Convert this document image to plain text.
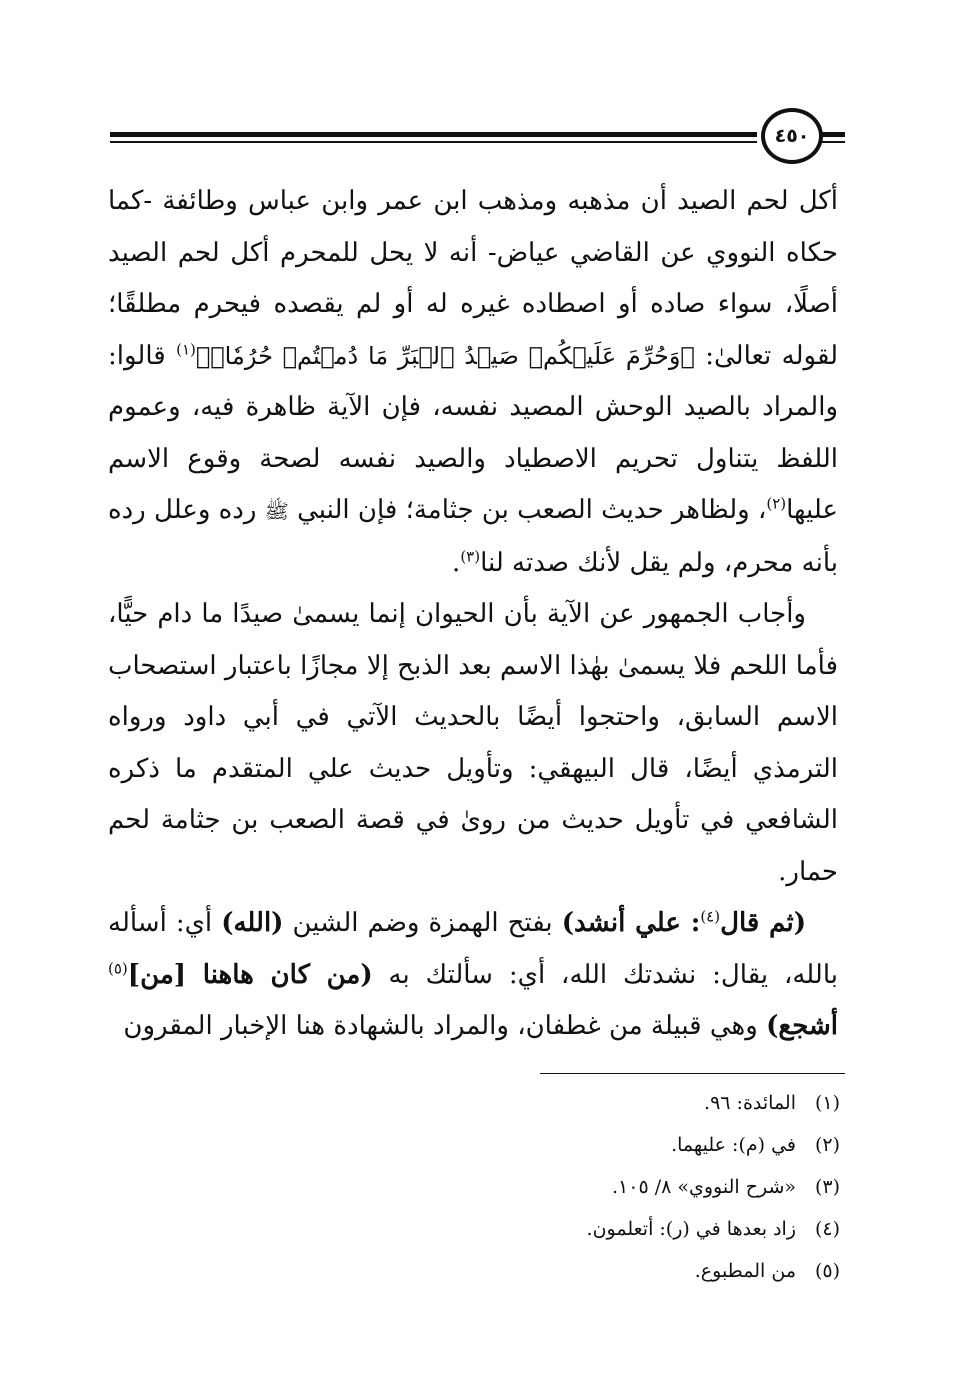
٤٥٠

أكل لحم الصيد أن مذهبه ومذهب ابن عمر وابن عباس وطائفة -كما حكاه النووي عن القاضي عياض- أنه لا يحل للمحرم أكل لحم الصيد أصلًا، سواء صاده أو اصطاده غيره له أو لم يقصده فيحرم مطلقًا؛ لقوله تعالىٰ: ﴿وَحُرِّمَ عَلَيۡكُمۡ صَيۡدُ ٱلۡبَرِّ مَا دُمۡتُمۡ حُرُمٗاۗ﴾$^{(١)}$ قالوا: والمراد بالصيد الوحش المصيد نفسه، فإن الآية ظاهرة فيه، وعموم اللفظ يتناول تحريم الاصطياد والصيد نفسه لصحة وقوع الاسم عليها$^{(٢)}$، ولظاهر حديث الصعب بن جثامة؛ فإن النبي ﷺ رده وعلل رده بأنه محرم، ولم يقل لأنك صدته لنا$^{(٣)}$.

وأجاب الجمهور عن الآية بأن الحيوان إنما يسمىٰ صيدًا ما دام حيًّا، فأما اللحم فلا يسمىٰ بهٰذا الاسم بعد الذبح إلا مجازًا باعتبار استصحاب الاسم السابق، واحتجوا أيضًا بالحديث الآتي في أبي داود ورواه الترمذي أيضًا، قال البيهقي: وتأويل حديث علي المتقدم ما ذكره الشافعي في تأويل حديث من روىٰ في قصة الصعب بن جثامة لحم حمار.

(ثم قال$^{(٤)}$: علي أنشد) بفتح الهمزة وضم الشين (الله) أي: أسأله بالله، يقال: نشدتك الله، أي: سألتك به (من كان هاهنا [من]$^{(٥)}$ أشجع) وهي قبيلة من غطفان، والمراد بالشهادة هنا الإخبار المقرون

(١)
المائدة: ٩٦.
(٢)
في (م): عليهما.
(٣)
«شرح النووي» ٨/ ١٠٥.
(٤)
زاد بعدها في (ر): أتعلمون.
(٥)
من المطبوع.
